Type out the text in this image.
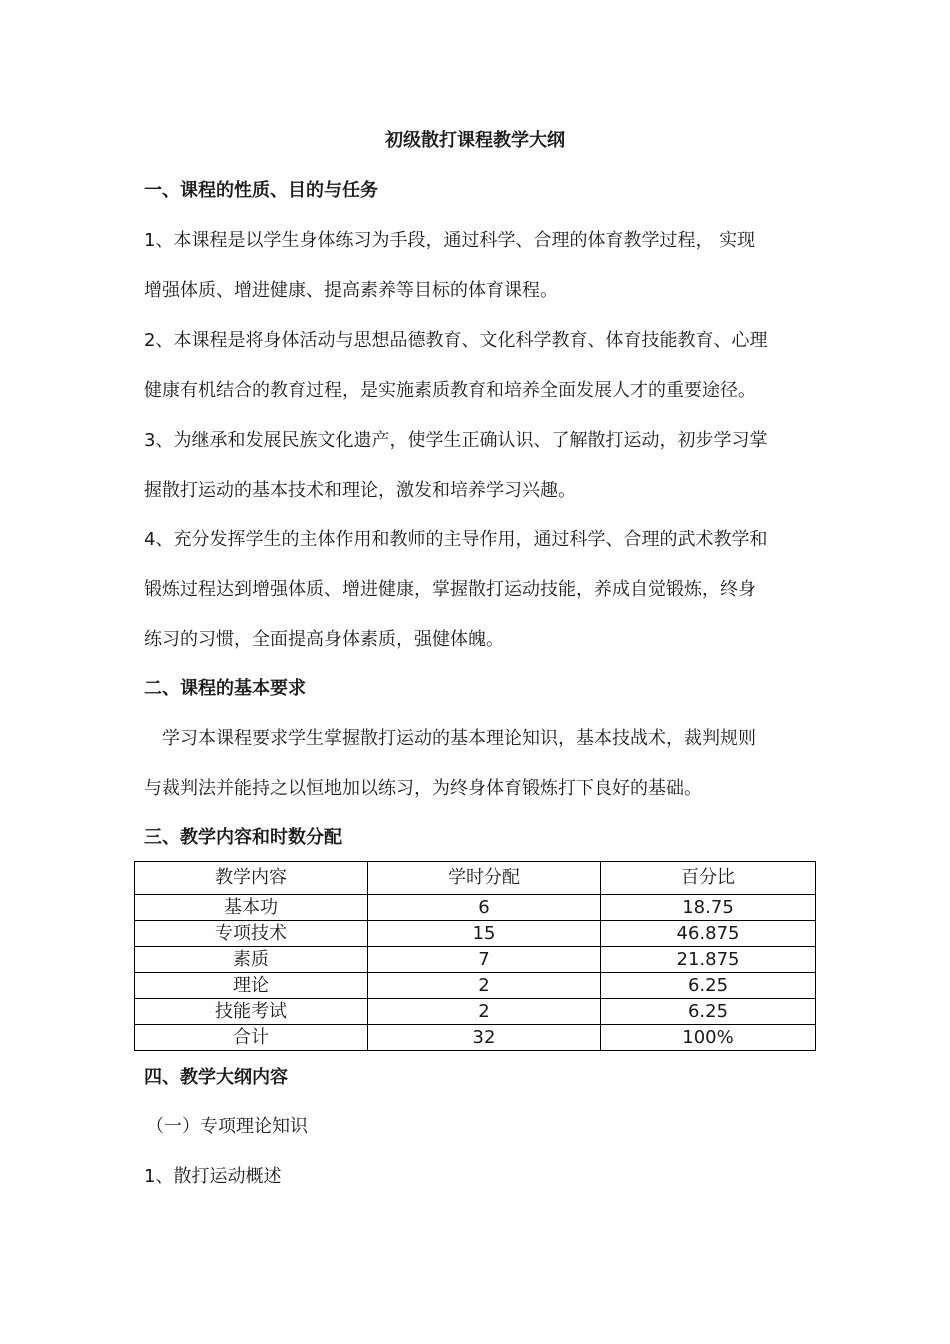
初级散打课程教学大纲
一、课程的性质、目的与任务
1、本课程是以学生身体练习为手段，通过科学、合理的体育教学过程， 实现
增强体质、增进健康、提高素养等目标的体育课程。
2、本课程是将身体活动与思想品德教育、文化科学教育、体育技能教育、心理
健康有机结合的教育过程，是实施素质教育和培养全面发展人才的重要途径。
3、为继承和发展民族文化遗产，使学生正确认识、了解散打运动，初步学习掌
握散打运动的基本技术和理论，激发和培养学习兴趣。
4、充分发挥学生的主体作用和教师的主导作用，通过科学、合理的武术教学和
锻炼过程达到增强体质、增进健康，掌握散打运动技能，养成自觉锻炼，终身
练习的习惯，全面提高身体素质，强健体魄。
二、课程的基本要求
学习本课程要求学生掌握散打运动的基本理论知识，基本技战术，裁判规则
与裁判法并能持之以恒地加以练习，为终身体育锻炼打下良好的基础。
三、教学内容和时数分配
教学内容	学时分配	百分比
基本功	6	18.75
专项技术	15	46.875
素质	7	21.875
理论	2	6.25
技能考试	2	6.25
合计	32	100%
四、教学大纲内容
（一）专项理论知识
1、散打运动概述
